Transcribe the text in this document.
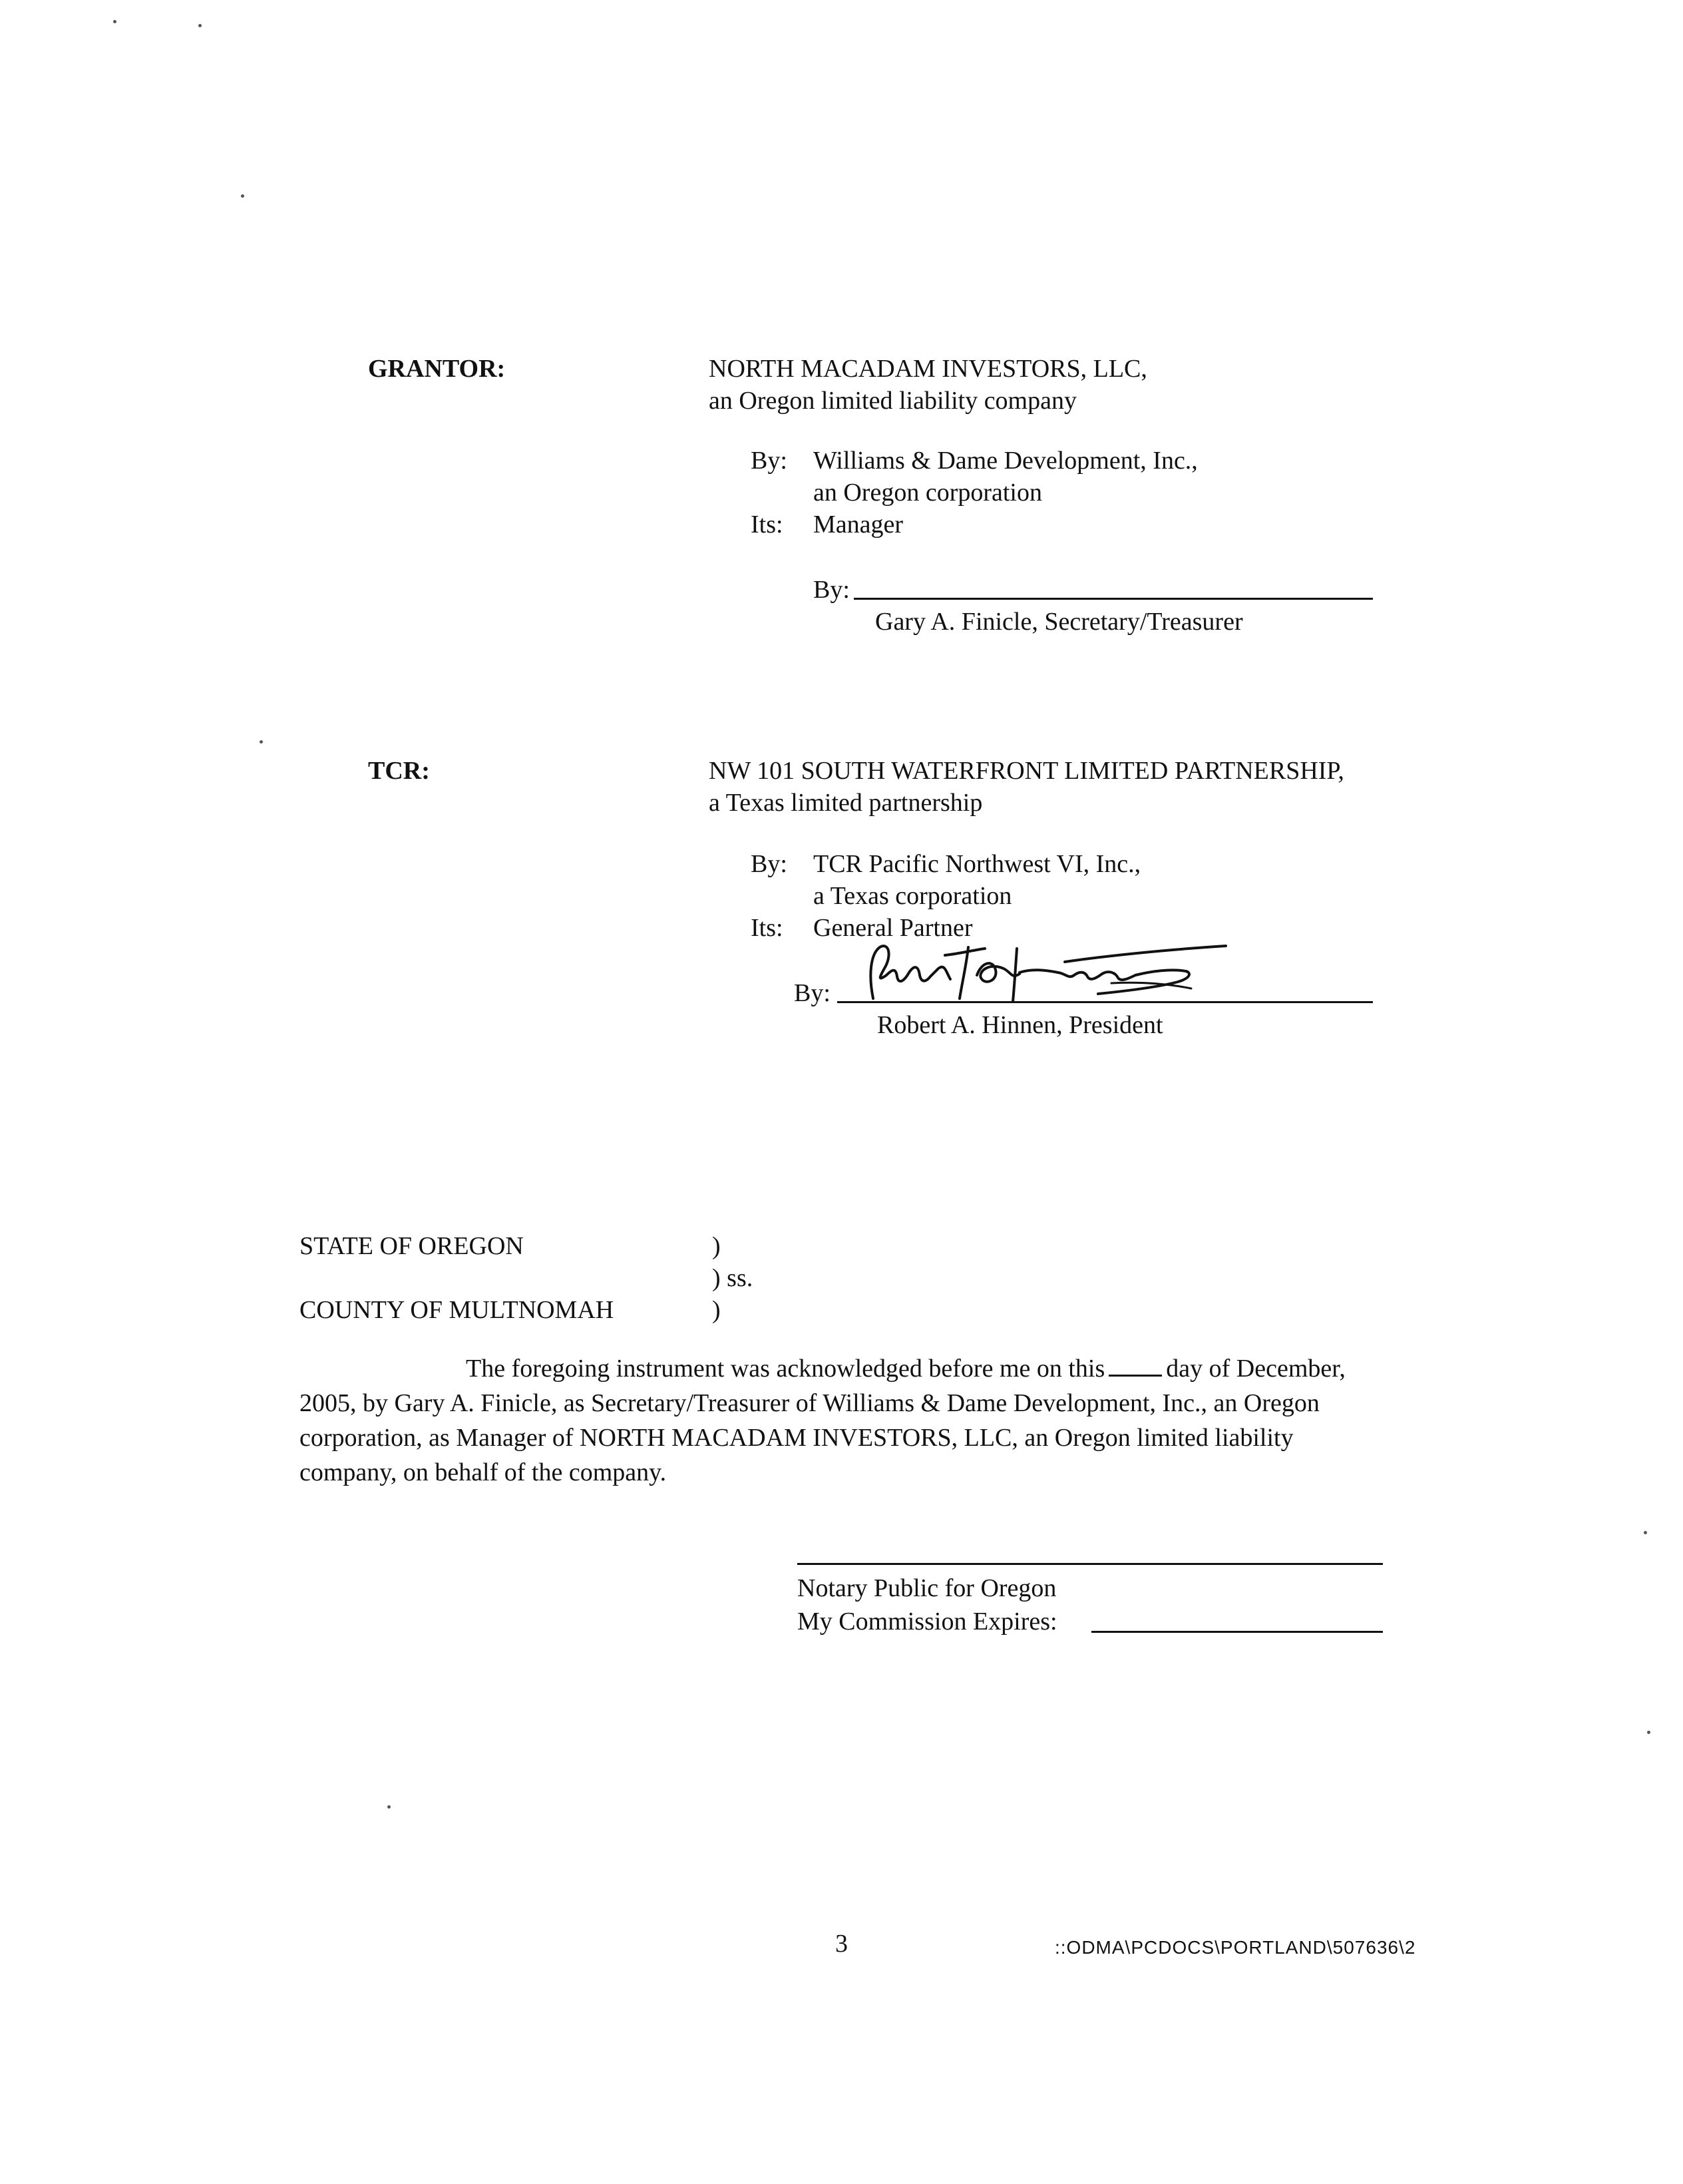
GRANTOR:	NORTH MACADAM INVESTORS, LLC,
an Oregon limited liability company
By: Williams & Dame Development, Inc.,
an Oregon corporation
Its: Manager
By:
Gary A. Finicle, Secretary/Treasurer
TCR:	NW 101 SOUTH WATERFRONT LIMITED PARTNERSHIP,
a Texas limited partnership
By: TCR Pacific Northwest VI, Inc.,
a Texas corporation
Its: General Partner
By:
Robert A. Hinnen, President
STATE OF OREGON	)
) ss.
COUNTY OF MULTNOMAH	)
The foregoing instrument was acknowledged before me on this day of December, 2005, by Gary A. Finicle, as Secretary/Treasurer of Williams & Dame Development, Inc., an Oregon corporation, as Manager of NORTH MACADAM INVESTORS, LLC, an Oregon limited liability company, on behalf of the company.
Notary Public for Oregon
My Commission Expires:
3	::ODMA\PCDOCS\PORTLAND\507636\2
